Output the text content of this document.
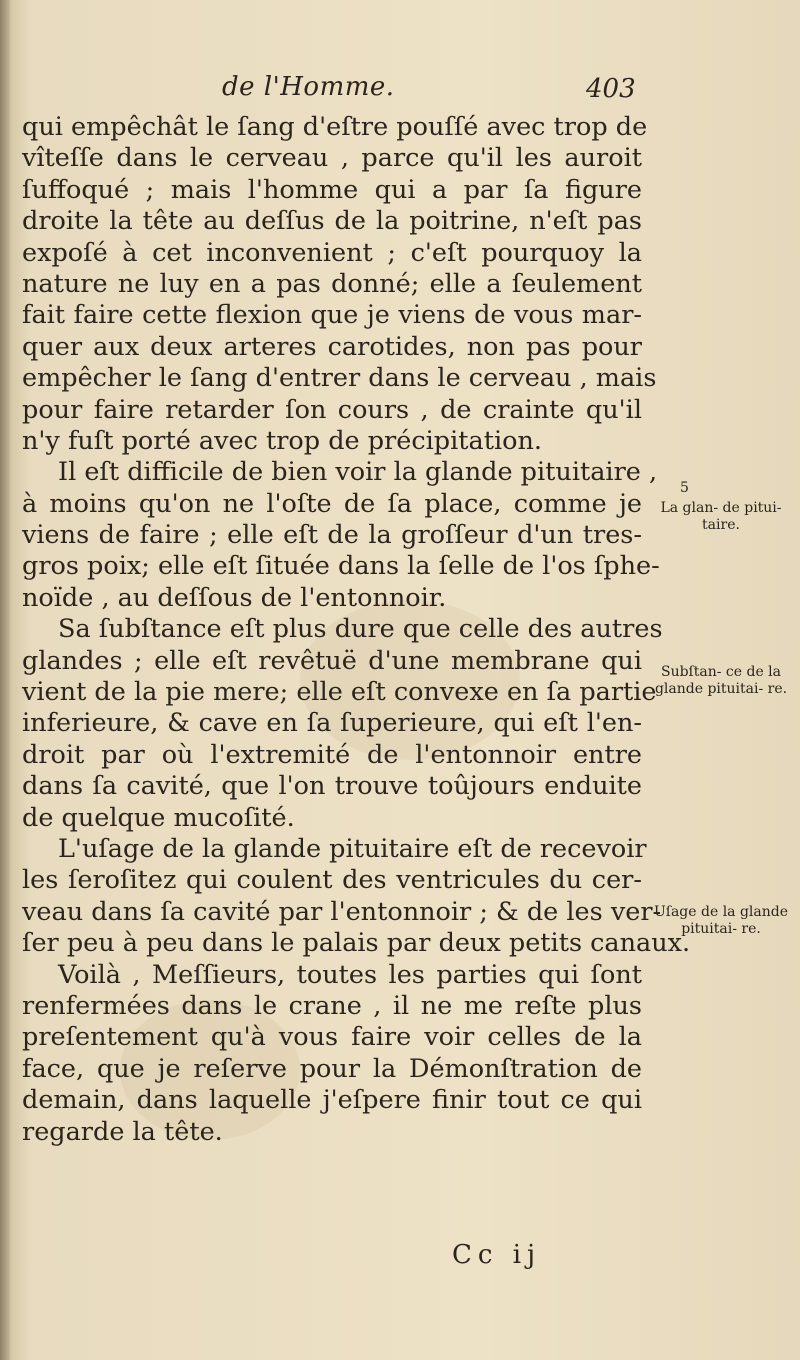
de l'Homme.	403
qui empêchât le ſang d'eſtre pouſſé avec trop de
vîteſſe dans le cerveau , parce qu'il les auroit
ſuffoqué ; mais l'homme qui a par ſa figure
droite la tête au deſſus de la poitrine, n'eſt pas
expoſé à cet inconvenient ; c'eſt pourquoy la
nature ne luy en a pas donné; elle a ſeulement
fait faire cette flexion que je viens de vous mar-
quer aux deux arteres carotides, non pas pour
empêcher le ſang d'entrer dans le cerveau , mais
pour faire retarder ſon cours , de crainte qu'il
n'y fuſt porté avec trop de précipitation.
Il eſt difficile de bien voir la glande pituitaire ,
à moins qu'on ne l'oſte de ſa place, comme je
viens de faire ; elle eſt de la groſſeur d'un tres-
gros poix; elle eſt ſituée dans la ſelle de l'os ſphe-
noïde , au deſſous de l'entonnoir.
Sa ſubſtance eſt plus dure que celle des autres
glandes ; elle eſt revêtuë d'une membrane qui
vient de la pie mere; elle eſt convexe en ſa partie
inferieure, & cave en ſa ſuperieure, qui eſt l'en-
droit par où l'extremité de l'entonnoir entre
dans ſa cavité, que l'on trouve toûjours enduite
de quelque mucoſité.
L'uſage de la glande pituitaire eſt de recevoir
les ſeroſitez qui coulent des ventricules du cer-
veau dans ſa cavité par l'entonnoir ; & de les ver-
ſer peu à peu dans le palais par deux petits canaux.
Voilà , Meſſieurs, toutes les parties qui ſont
renfermées dans le crane , il ne me reſte plus
preſentement qu'à vous faire voir celles de la
face, que je reſerve pour la Démonſtration de
demain, dans laquelle j'eſpere finir tout ce qui
regarde la tête.
5
La glan- de pitui- taire.
Subſtan- ce de la glande pituitai- re.
Uſage de la glande pituitai- re.
Cc ij
